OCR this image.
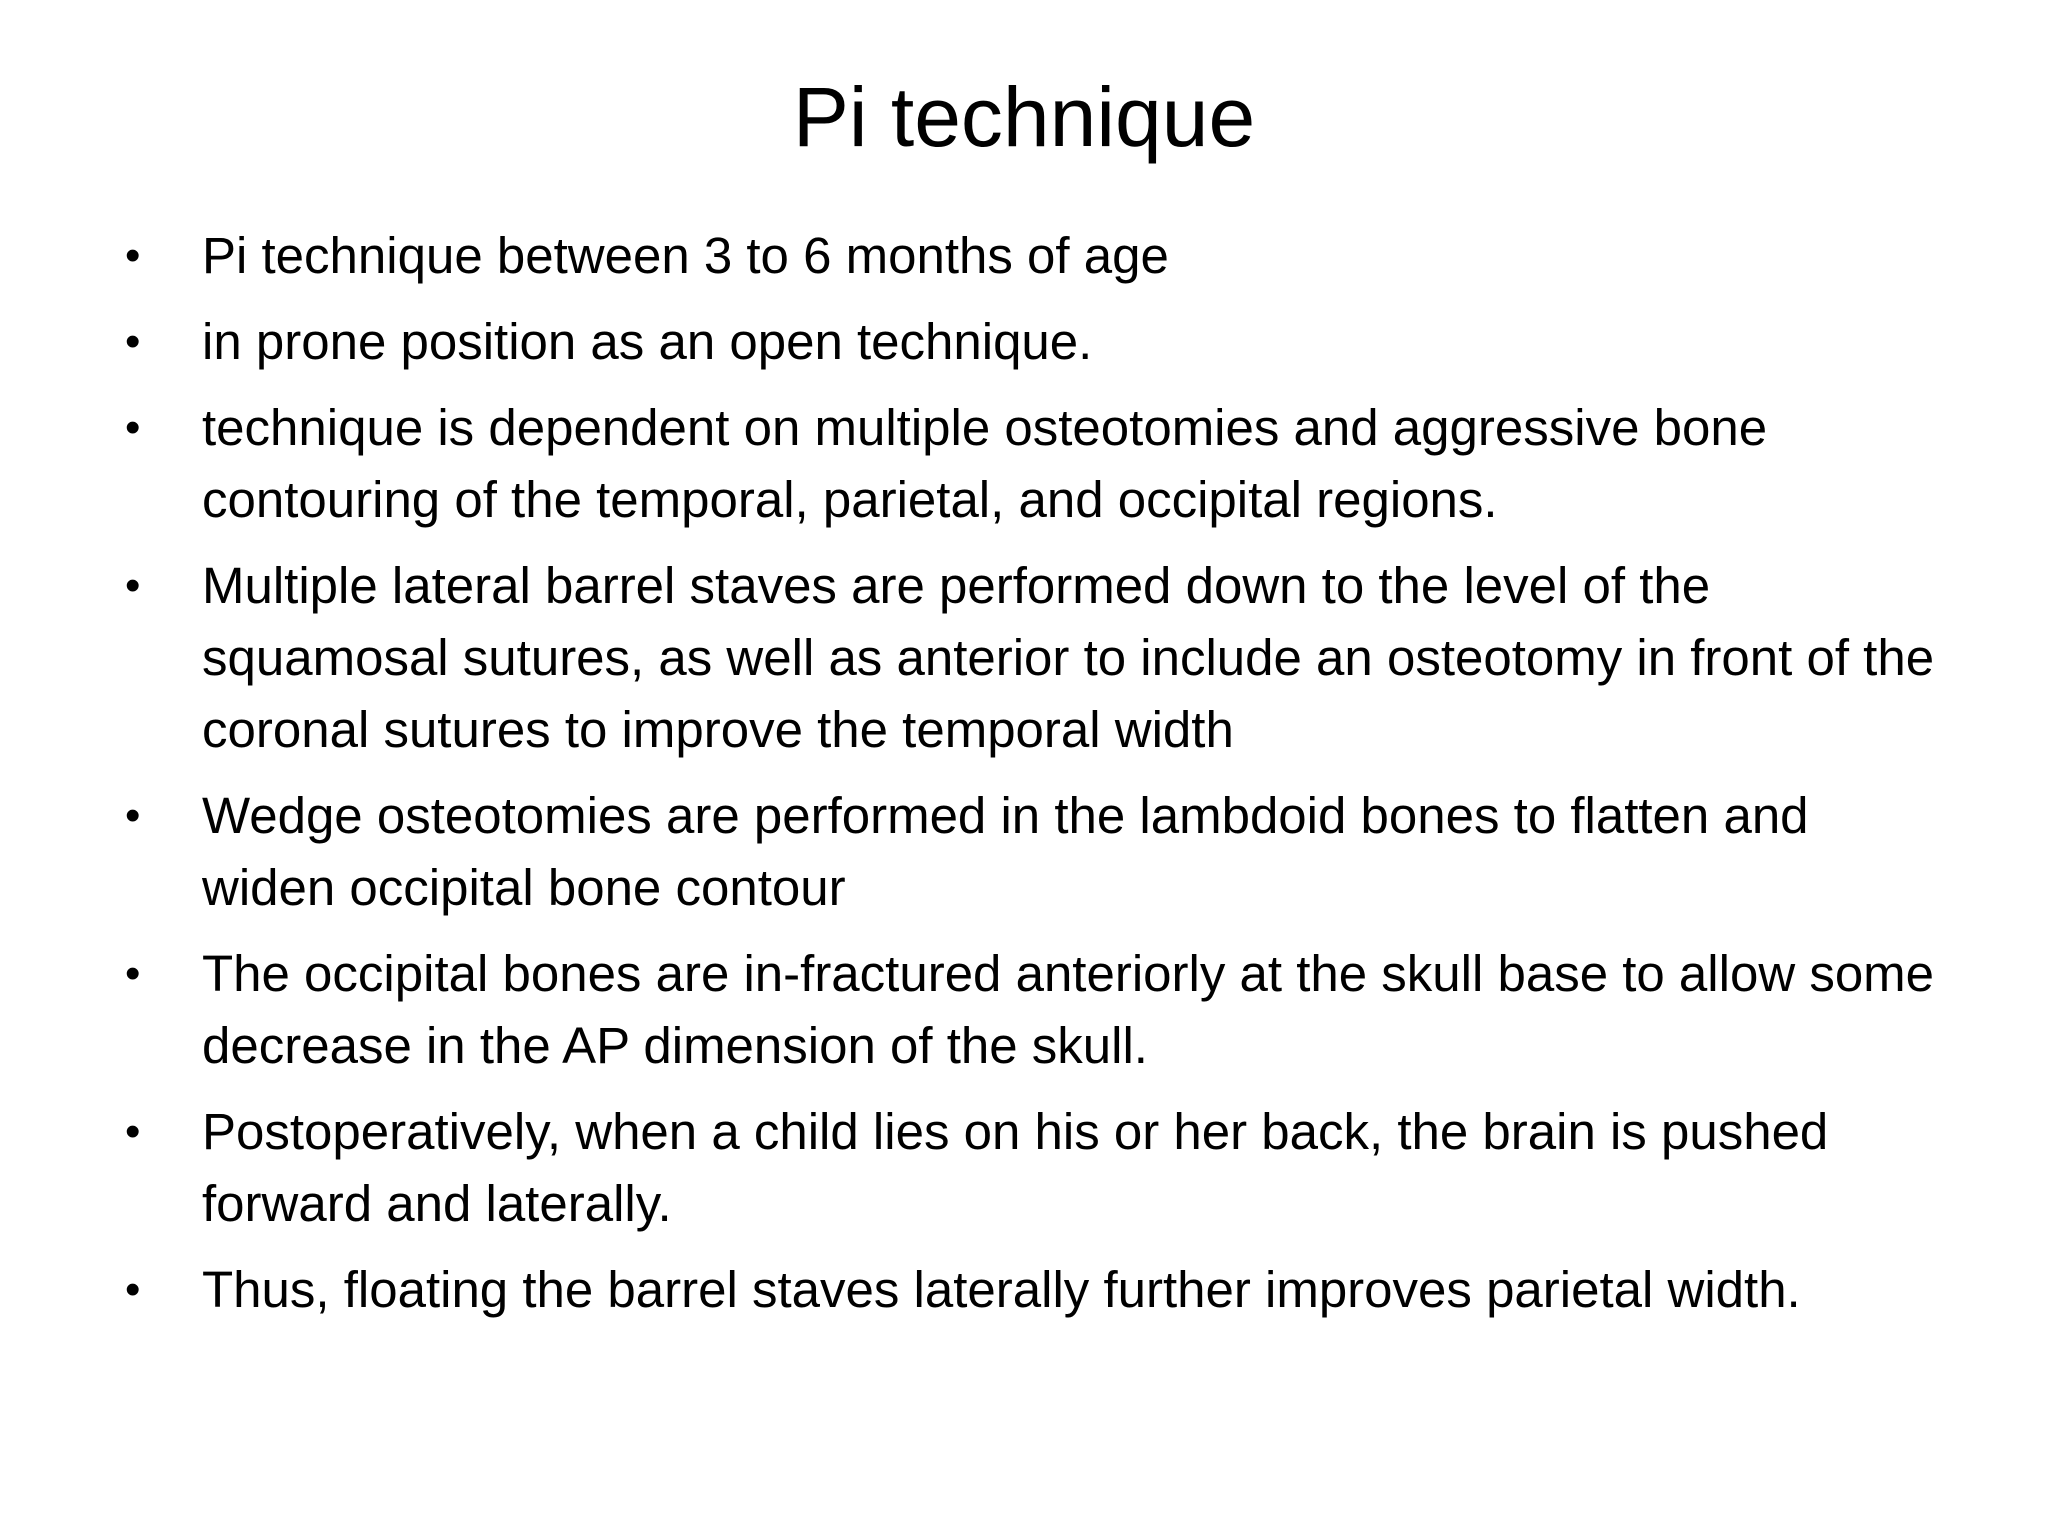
Pi technique
• Pi technique between 3 to 6 months of age
• in prone position as an open technique.
• technique is dependent on multiple osteotomies and aggressive bone contouring of the temporal, parietal, and occipital regions.
• Multiple lateral barrel staves are performed down to the level of the squamosal sutures, as well as anterior to include an osteotomy in front of the coronal sutures to improve the temporal width
• Wedge osteotomies are performed in the lambdoid bones to flatten and widen occipital bone contour
• The occipital bones are in-fractured anteriorly at the skull base to allow some decrease in the AP dimension of the skull.
• Postoperatively, when a child lies on his or her back, the brain is pushed forward and laterally.
• Thus, floating the barrel staves laterally further improves parietal width.
